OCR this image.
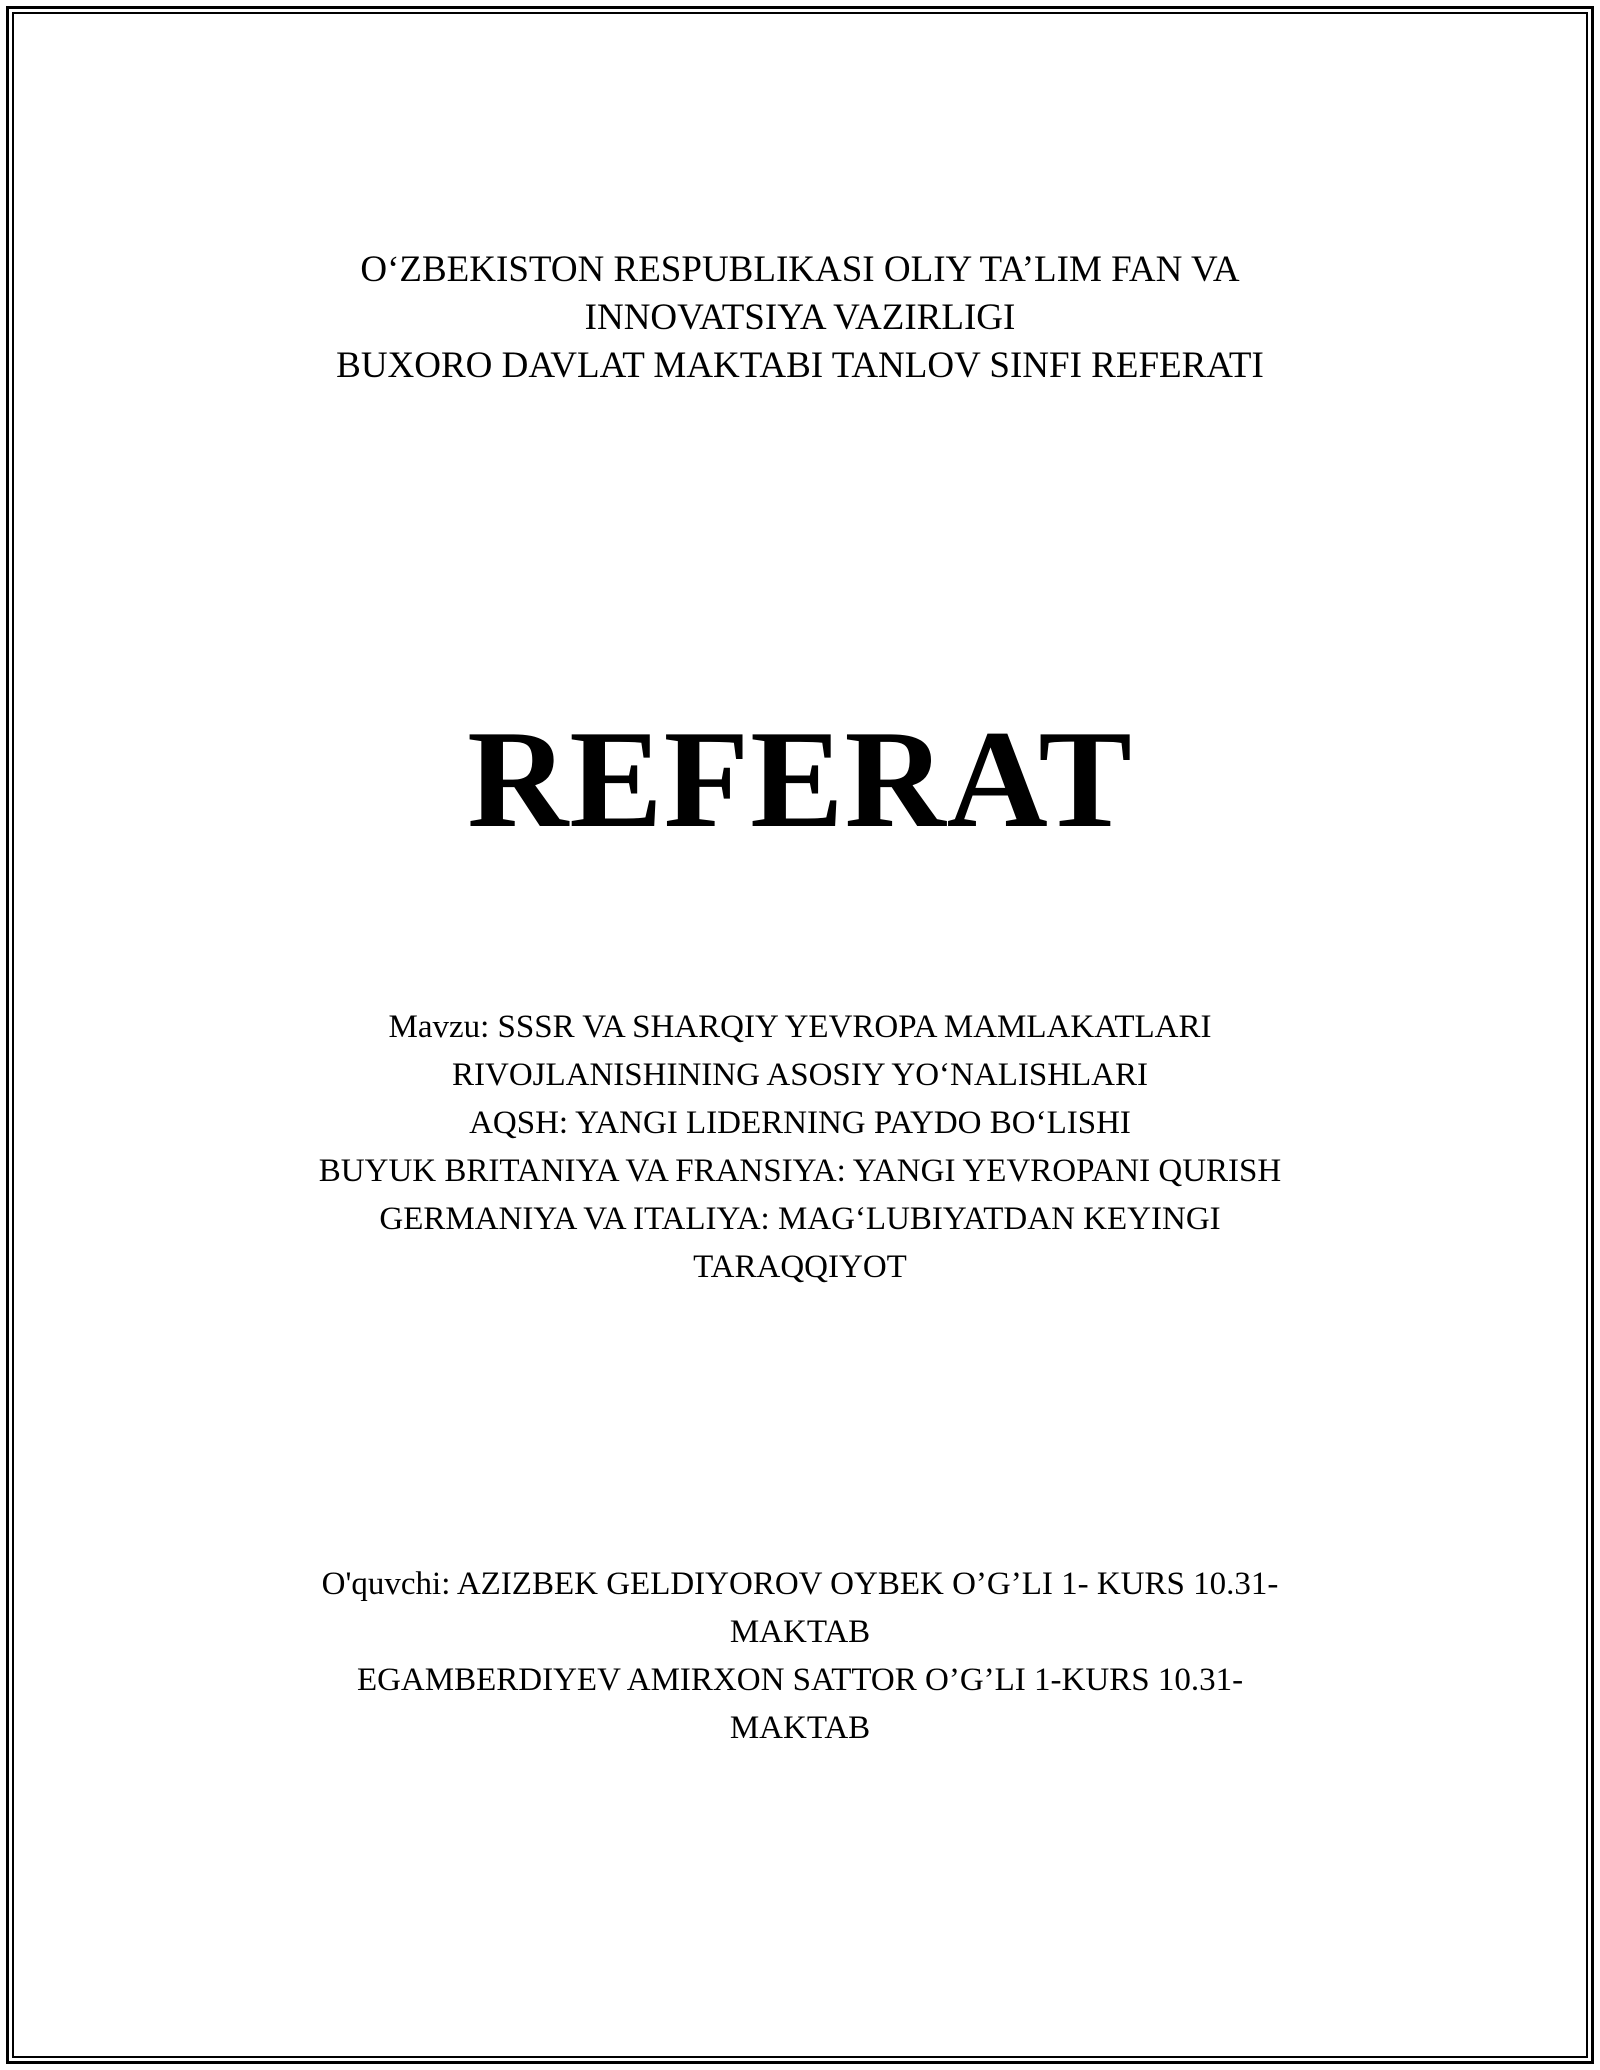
O‘ZBEKISTON RESPUBLIKASI OLIY TA’LIM FAN VA
INNOVATSIYA VAZIRLIGI
BUXORO DAVLAT MAKTABI TANLOV SINFI REFERATI
REFERAT
Mavzu: SSSR VA SHARQIY YEVROPA MAMLAKATLARI
RIVOJLANISHINING ASOSIY YO‘NALISHLARI
AQSH: YANGI LIDERNING PAYDO BO‘LISHI
BUYUK BRITANIYA VA FRANSIYA: YANGI YEVROPANI QURISH
GERMANIYA VA ITALIYA: MAG‘LUBIYATDAN KEYINGI
TARAQQIYOT
O'quvchi: AZIZBEK GELDIYOROV OYBEK O’G’LI 1- KURS 10.31-
MAKTAB
EGAMBERDIYEV AMIRXON SATTOR O’G’LI 1-KURS 10.31-
MAKTAB
